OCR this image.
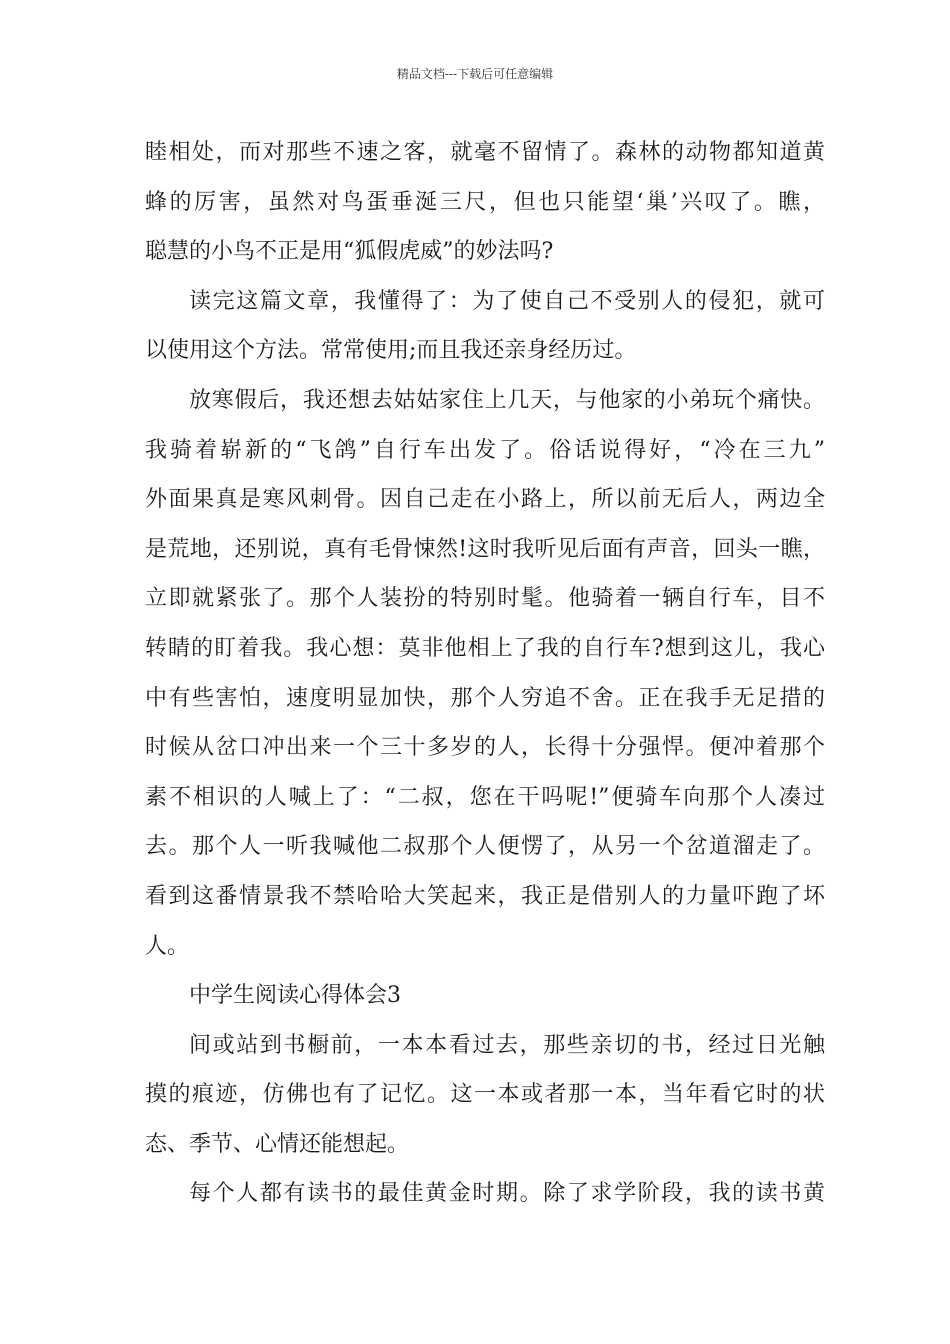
精品文档---下载后可任意编辑
睦相处，而对那些不速之客，就毫不留情了。森林的动物都知道黄
蜂的厉害，虽然对鸟蛋垂涎三尺，但也只能望‘巢’兴叹了。瞧，
聪慧的小鸟不正是用“狐假虎威”的妙法吗?
读完这篇文章，我懂得了：为了使自己不受别人的侵犯，就可
以使用这个方法。常常使用;而且我还亲身经历过。
放寒假后，我还想去姑姑家住上几天，与他家的小弟玩个痛快。
我骑着崭新的“飞鸽”自行车出发了。俗话说得好，“冷在三九”
外面果真是寒风刺骨。因自己走在小路上，所以前无后人，两边全
是荒地，还别说，真有毛骨悚然!这时我听见后面有声音，回头一瞧，
立即就紧张了。那个人装扮的特别时髦。他骑着一辆自行车，目不
转睛的盯着我。我心想：莫非他相上了我的自行车?想到这儿，我心
中有些害怕，速度明显加快，那个人穷追不舍。正在我手无足措的
时候从岔口冲出来一个三十多岁的人，长得十分强悍。便冲着那个
素不相识的人喊上了：“二叔，您在干吗呢!”便骑车向那个人凑过
去。那个人一听我喊他二叔那个人便愣了，从另一个岔道溜走了。
看到这番情景我不禁哈哈大笑起来，我正是借别人的力量吓跑了坏
人。
中学生阅读心得体会3
间或站到书橱前，一本本看过去，那些亲切的书，经过日光触
摸的痕迹，仿佛也有了记忆。这一本或者那一本，当年看它时的状
态、季节、心情还能想起。
每个人都有读书的最佳黄金时期。除了求学阶段，我的读书黄
